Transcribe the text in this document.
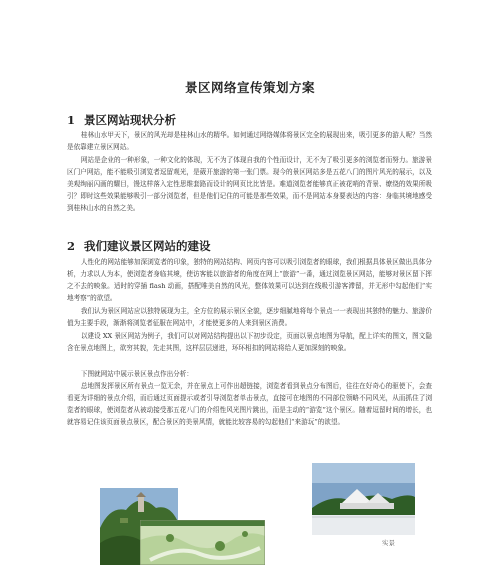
景区网络宣传策划方案
1 景区网站现状分析
桂林山水甲天下，景区的风光却是桂林山水的精华。如何通过网络媒体将景区完全的展现出来，吸引更多的游人呢？当然是依靠建立景区网站。
网站是企业的一种形象，一种文化的体现，无不为了体现自我的个性而设计，无不为了吸引更多的浏览者而努力。旅游景区门户网站，能不能吸引浏览者逗留观光，是葳开旅游的第一张门票。现今的景区网站多是五花八门的图片风光的展示，以及美观绚丽闪画的耀目，馒这样落入定性思维套路而设计的网页比比皆是。难道浏览者能够真正被花哨的背景、缭绕的效果所吸引？即时这些效果能够吸引一部分浏览者，但是他们记住的可能是那些效果，而不是网站本身要表达的内容：身临其境地感受到桂林山水的自然之美。
2 我们建议景区网站的建设
人性化的网站能够加深浏览者的印象，独特的网站结构、网页内容可以吸引浏览者的眼球，我们根据具体景区做出具体分析，力求以人为本，使浏览者身临其境，使访客能以旅游者的角度在网上“旅游”一番，通过浏览景区网站，能够对景区留下挥之不去的映象。适时的穿插 flash 动画，搭配唯美自然的风光，整体效果可以达到在线吸引游客滞留，并无形中勾起他们“实地考察”的欲望。
我们认为景区网站应以独特展现为主，全方位的展示景区全貌，逐步细腻地将每个景点一一表现出其独特的魅力、旅游价值为主要手段，渐渐将浏览者征服在网站中，才能使更多的人来到景区消费。
以建设 XX 景区网站为例子，我们可以对网站结构提出以下初步设定，页面以景点地图为导航，配上详实的图文，图文隐含在景点地图上，欲穷其貌，先走其图，这样层层递进，环环相扣的网站将给人更加深刻的映象。
下图就网站中展示景区景点作出分析：
总地图发挥景区所有景点一览无余，并在景点上可作出超链接，浏览者看到景点分布图后，往往在好奇心的驱使下，会查看更为详细的景点介绍，而后通过页面提示或者引导浏览者单击景点，直接可在地图的不同部位领略不同风光，从而抓住了浏览者的眼球，使浏览者从被动接受那五花八门的介绍性风光图片跳出，而是主动的“游览”这个景区。随着逗留时间的增长，也就容易记住该页面景点景区，配合景区的美景风情，就能比较容易的勾起他们“来游玩”的欲望。
实景
